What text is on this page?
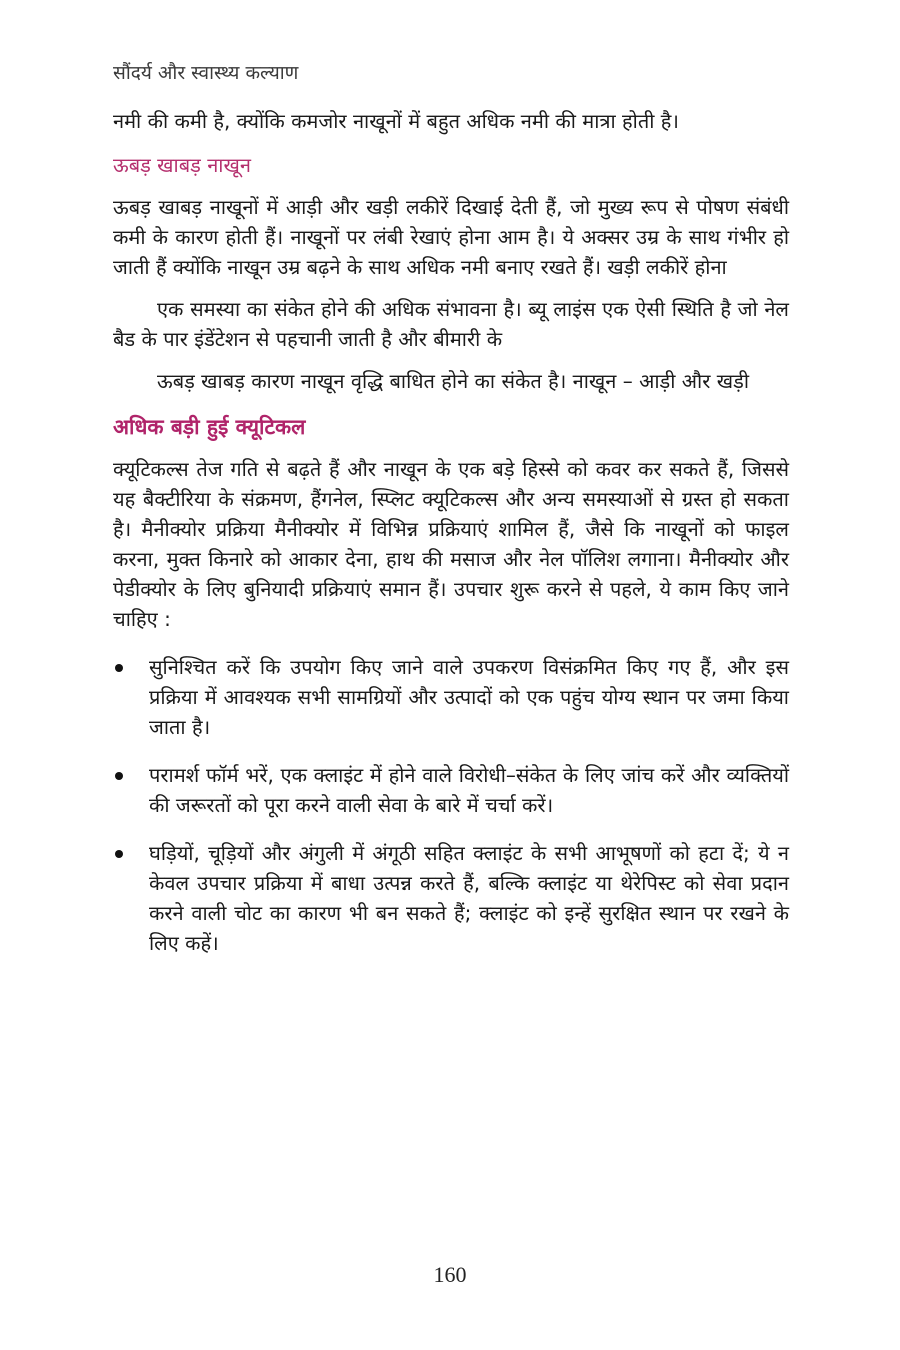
सौंदर्य और स्वास्थ्य कल्याण

नमी की कमी है, क्योंकि कमजोर नाखूनों में बहुत अधिक नमी की मात्रा होती है।

ऊबड़ खाबड़ नाखून

ऊबड़ खाबड़ नाखूनों में आड़ी और खड़ी लकीरें दिखाई देती हैं, जो मुख्य रूप से पोषण संबंधी कमी के कारण होती हैं। नाखूनों पर लंबी रेखाएं होना आम है। ये अक्सर उम्र के साथ गंभीर हो जाती हैं क्योंकि नाखून उम्र बढ़ने के साथ अधिक नमी बनाए रखते हैं। खड़ी लकीरें होना

एक समस्या का संकेत होने की अधिक संभावना है। ब्यू लाइंस एक ऐसी स्थिति है जो नेल बैड के पार इंडेंटेशन से पहचानी जाती है और बीमारी के

ऊबड़ खाबड़ कारण नाखून वृद्धि बाधित होने का संकेत है। नाखून – आड़ी और खड़ी

अधिक बड़ी हुई क्यूटिकल

क्यूटिकल्स तेज गति से बढ़ते हैं और नाखून के एक बड़े हिस्से को कवर कर सकते हैं, जिससे यह बैक्टीरिया के संक्रमण, हैंगनेल, स्प्लिट क्यूटिकल्स और अन्य समस्याओं से ग्रस्त हो सकता है। मैनीक्योर प्रक्रिया मैनीक्योर में विभिन्न प्रक्रियाएं शामिल हैं, जैसे कि नाखूनों को फाइल करना, मुक्त किनारे को आकार देना, हाथ की मसाज और नेल पॉलिश लगाना। मैनीक्योर और पेडीक्योर के लिए बुनियादी प्रक्रियाएं समान हैं। उपचार शुरू करने से पहले, ये काम किए जाने चाहिए :

सुनिश्चित करें कि उपयोग किए जाने वाले उपकरण विसंक्रमित किए गए हैं, और इस प्रक्रिया में आवश्यक सभी सामग्रियों और उत्पादों को एक पहुंच योग्य स्थान पर जमा किया जाता है।
परामर्श फॉर्म भरें, एक क्लाइंट में होने वाले विरोधी–संकेत के लिए जांच करें और व्यक्तियों की जरूरतों को पूरा करने वाली सेवा के बारे में चर्चा करें।
घड़ियों, चूड़ियों और अंगुली में अंगूठी सहित क्लाइंट के सभी आभूषणों को हटा दें; ये न केवल उपचार प्रक्रिया में बाधा उत्पन्न करते हैं, बल्कि क्लाइंट या थेरेपिस्ट को सेवा प्रदान करने वाली चोट का कारण भी बन सकते हैं; क्लाइंट को इन्हें सुरक्षित स्थान पर रखने के लिए कहें।
160
